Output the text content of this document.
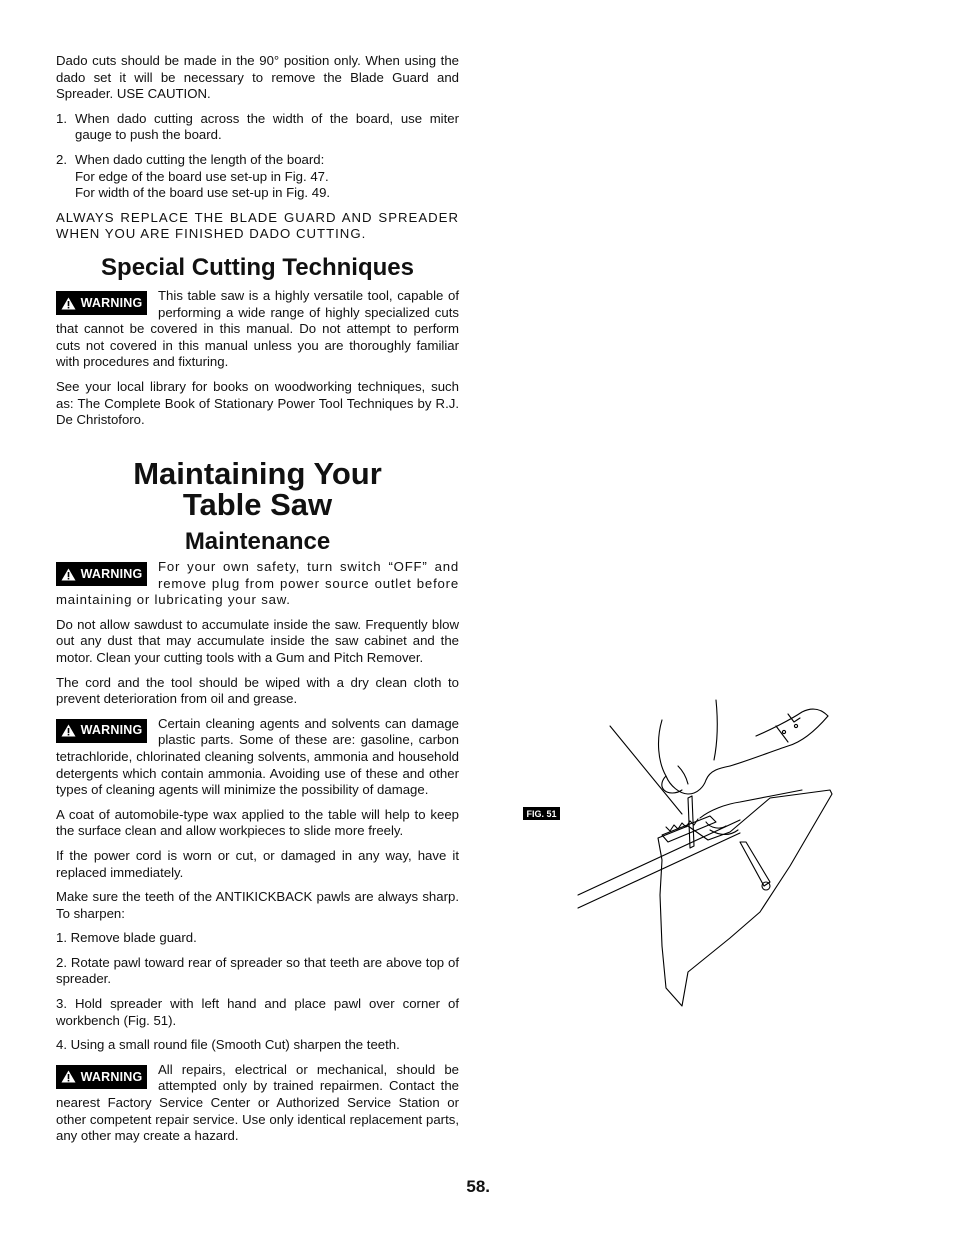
Dado cuts should be made in the 90° position only. When using the dado set it will be necessary to remove the Blade Guard and Spreader. USE CAUTION.

1. When dado cutting across the width of the board, use miter gauge to push the board.
2. When dado cutting the length of the board:
For edge of the board use set-up in Fig. 47.
For width of the board use set-up in Fig. 49.

ALWAYS REPLACE THE BLADE GUARD AND SPREADER WHEN YOU ARE FINISHED DADO CUTTING.

Special Cutting Techniques

WARNING This table saw is a highly versatile tool, capable of performing a wide range of highly specialized cuts that cannot be covered in this manual. Do not attempt to perform cuts not covered in this manual unless you are thoroughly familiar with procedures and fixturing.

See your local library for books on woodworking techniques, such as: The Complete Book of Stationary Power Tool Techniques by R.J. De Christoforo.

Maintaining Your

Table Saw

Maintenance

WARNING For your own safety, turn switch “OFF” and remove plug from power source outlet before maintaining or lubricating your saw.

Do not allow sawdust to accumulate inside the saw. Frequently blow out any dust that may accumulate inside the saw cabinet and the motor. Clean your cutting tools with a Gum and Pitch Remover.

The cord and the tool should be wiped with a dry clean cloth to prevent deterioration from oil and grease.

WARNING Certain cleaning agents and solvents can damage plastic parts. Some of these are: gasoline, carbon tetrachloride, chlorinated cleaning solvents, ammonia and household detergents which contain ammonia. Avoiding use of these and other types of cleaning agents will minimize the possibility of damage.

A coat of automobile-type wax applied to the table will help to keep the surface clean and allow workpieces to slide more freely.

If the power cord is worn or cut, or damaged in any way, have it replaced immediately.

Make sure the teeth of the ANTIKICKBACK pawls are always sharp. To sharpen:

1. Remove blade guard.

2. Rotate pawl toward rear of spreader so that teeth are above top of spreader.

3. Hold spreader with left hand and place pawl over corner of workbench (Fig. 51).

4. Using a small round file (Smooth Cut) sharpen the teeth.

WARNING All repairs, electrical or mechanical, should be attempted only by trained repairmen. Contact the nearest Factory Service Center or Authorized Service Station or other competent repair service. Use only identical replacement parts, any other may create a hazard.

FIG. 51
58.
